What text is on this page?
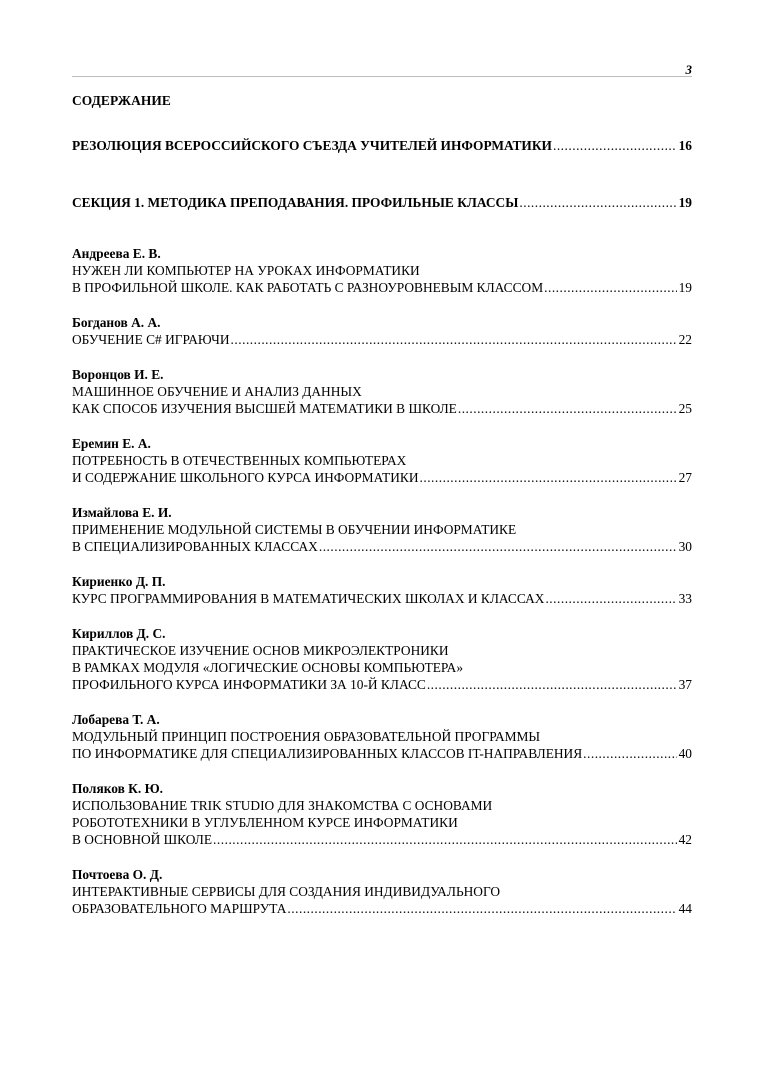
3
СОДЕРЖАНИЕ
РЕЗОЛЮЦИЯ ВСЕРОССИЙСКОГО СЪЕЗДА УЧИТЕЛЕЙ ИНФОРМАТИКИ .....	16
СЕКЦИЯ 1. МЕТОДИКА ПРЕПОДАВАНИЯ. ПРОФИЛЬНЫЕ КЛАССЫ .....	19
Андреева Е. В.
НУЖЕН ЛИ КОМПЬЮТЕР НА УРОКАХ ИНФОРМАТИКИ
В ПРОФИЛЬНОЙ ШКОЛЕ. КАК РАБОТАТЬ С РАЗНОУРОВНЕВЫМ КЛАССОМ .....	19
Богданов А. А.
ОБУЧЕНИЕ С# ИГРАЮЧИ .....	22
Воронцов И. Е.
МАШИННОЕ ОБУЧЕНИЕ И АНАЛИЗ ДАННЫХ
КАК СПОСОБ ИЗУЧЕНИЯ ВЫСШЕЙ МАТЕМАТИКИ В ШКОЛЕ .....	25
Еремин Е. А.
ПОТРЕБНОСТЬ В ОТЕЧЕСТВЕННЫХ КОМПЬЮТЕРАХ
И СОДЕРЖАНИЕ ШКОЛЬНОГО КУРСА ИНФОРМАТИКИ .....	27
Измайлова Е. И.
ПРИМЕНЕНИЕ МОДУЛЬНОЙ СИСТЕМЫ В ОБУЧЕНИИ ИНФОРМАТИКЕ
В СПЕЦИАЛИЗИРОВАННЫХ КЛАССАХ .....	30
Кириенко Д. П.
КУРС ПРОГРАММИРОВАНИЯ В МАТЕМАТИЧЕСКИХ ШКОЛАХ И КЛАССАХ .....	33
Кириллов Д. С.
ПРАКТИЧЕСКОЕ ИЗУЧЕНИЕ ОСНОВ МИКРОЭЛЕКТРОНИКИ
В РАМКАХ МОДУЛЯ «ЛОГИЧЕСКИЕ ОСНОВЫ КОМПЬЮТЕРА»
ПРОФИЛЬНОГО КУРСА ИНФОРМАТИКИ ЗА 10-Й КЛАСС .....	37
Лобарева Т. А.
МОДУЛЬНЫЙ ПРИНЦИП ПОСТРОЕНИЯ ОБРАЗОВАТЕЛЬНОЙ ПРОГРАММЫ
ПО ИНФОРМАТИКЕ ДЛЯ СПЕЦИАЛИЗИРОВАННЫХ КЛАССОВ IT-НАПРАВЛЕНИЯ .....	40
Поляков К. Ю.
ИСПОЛЬЗОВАНИЕ TRIK STUDIO ДЛЯ ЗНАКОМСТВА С ОСНОВАМИ
РОБОТОТЕХНИКИ В УГЛУБЛЕННОМ КУРСЕ ИНФОРМАТИКИ
В ОСНОВНОЙ ШКОЛЕ .....	42
Почтоева О. Д.
ИНТЕРАКТИВНЫЕ СЕРВИСЫ ДЛЯ СОЗДАНИЯ ИНДИВИДУАЛЬНОГО
ОБРАЗОВАТЕЛЬНОГО МАРШРУТА .....	44
